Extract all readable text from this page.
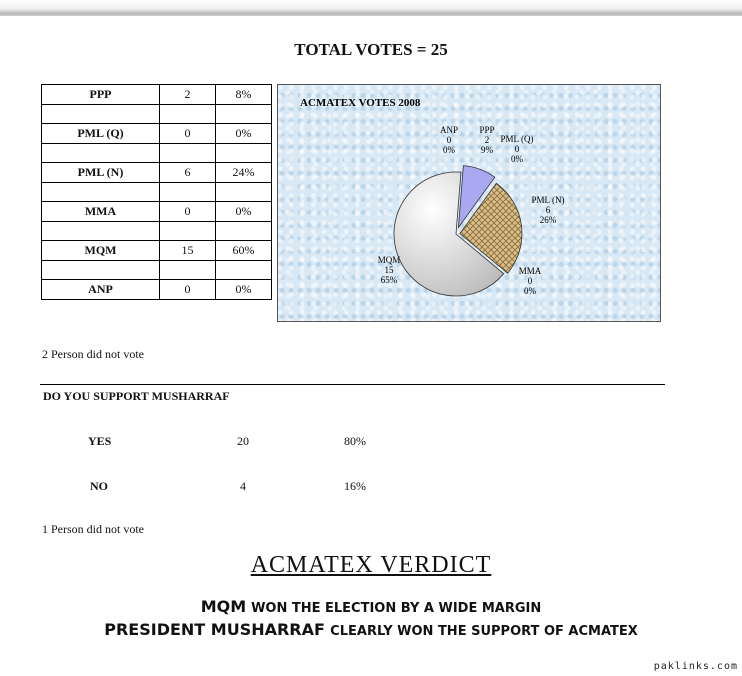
TOTAL VOTES = 25
PPP	2	8%

PML (Q)	0	0%

PML (N)	6	24%

MMA	0	0%

MQM	15	60%

ANP	0	0%
ACMATEX VOTES 2008
ANP 0 0%
PPP 2 9%
PML (Q) 0 0%
PML (N) 6 26%
MMA 0 0%
MQM 15 65%
2 Person did not vote
DO YOU SUPPORT MUSHARRAF
YES	20	80%
NO	4	16%
1 Person did not vote
ACMATEX VERDICT
MQM WON THE ELECTION BY A WIDE MARGIN
PRESIDENT MUSHARRAF CLEARLY WON THE SUPPORT OF ACMATEX
paklinks.com
